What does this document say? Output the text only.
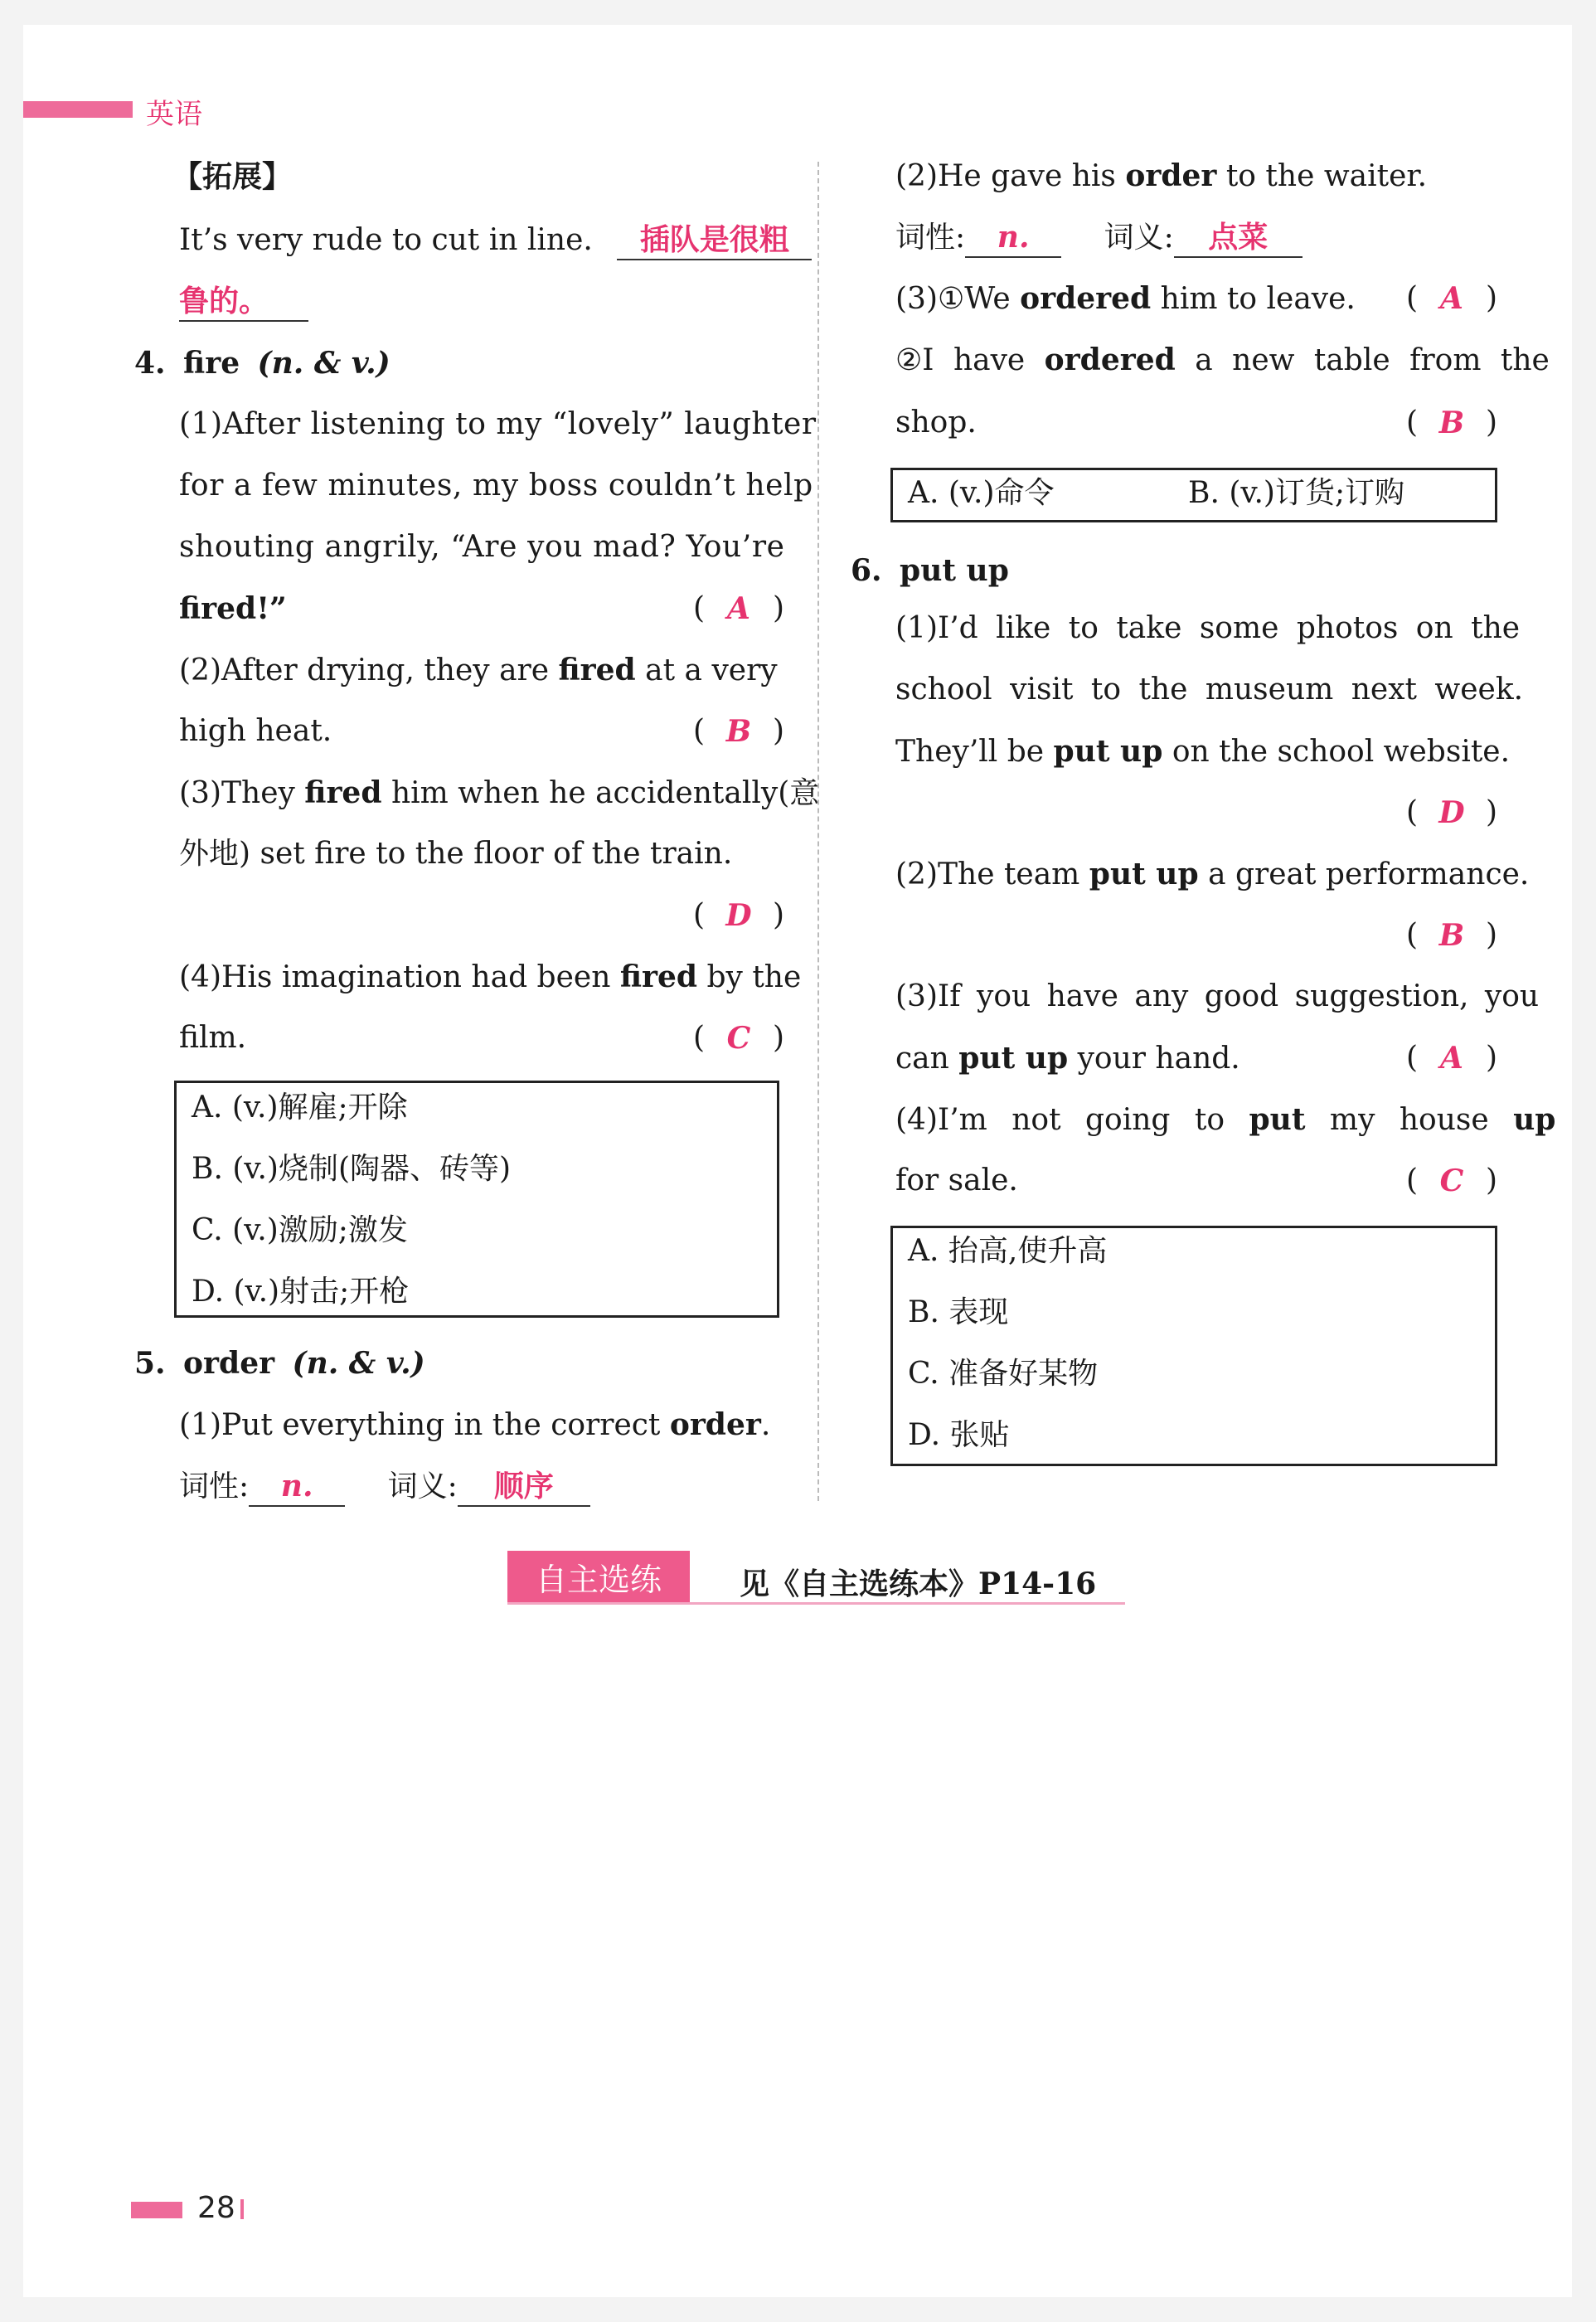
英语
【拓展】
It’s very rude to cut in line. 插队是很粗
鲁的。
4. fire (n. & v.)
(1)After listening to my “lovely” laughter
for a few minutes, my boss couldn’t help
shouting angrily, “Are you mad? You’re
fired!”	( A )
(2)After drying, they are fired at a very
high heat.	( B )
(3)They fired him when he accidentally(意
外地) set fire to the floor of the train.
( D )
(4)His imagination had been fired by the
film.	( C )
A. (v.)解雇;开除
B. (v.)烧制(陶器、砖等)
C. (v.)激励;激发
D. (v.)射击;开枪
5. order (n. & v.)
(1)Put everything in the correct order.
词性: n.	词义: 顺序
(2)He gave his order to the waiter.
词性: n.	词义: 点菜
(3)①We ordered him to leave. ( A )
②I have ordered a new table from the
shop.	( B )
A. (v.)命令	B. (v.)订货;订购
6. put up
(1)I’d like to take some photos on the
school visit to the museum next week.
They’ll be put up on the school website.
( D )
(2)The team put up a great performance.
( B )
(3)If you have any good suggestion, you
can put up your hand.	( A )
(4)I’m not going to put my house up
for sale.	( C )
A. 抬高,使升高
B. 表现
C. 准备好某物
D. 张贴
自主选练	见《自主选练本》P14-16
28
